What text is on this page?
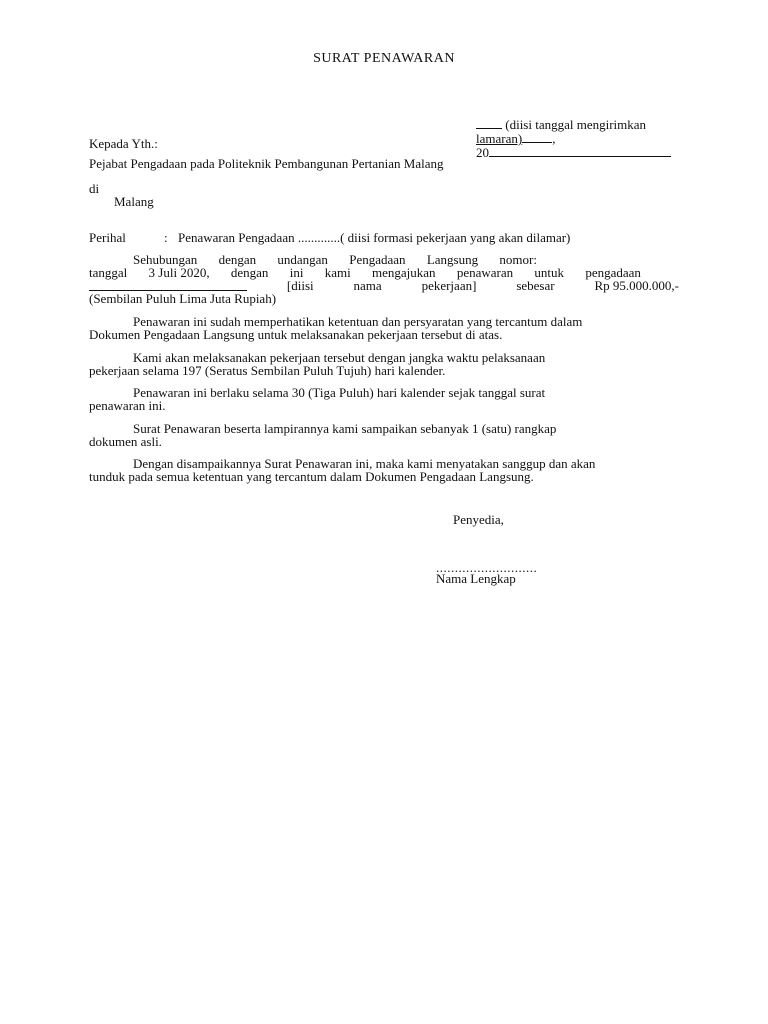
SURAT PENAWARAN
(diisi tanggal mengirimkan
lamaran) ,
20
Kepada Yth.:
Pejabat Pengadaan pada Politeknik Pembangunan Pertanian Malang
di
Malang
Perihal	: Penawaran Pengadaan .............( diisi formasi pekerjaan yang akan dilamar)
Sehubungan dengan undangan Pengadaan Langsung nomor:
tanggal 3 Juli 2020, dengan ini kami mengajukan penawaran untuk pengadaan
[diisi	nama	pekerjaan]	sebesar	Rp 95.000.000,-
(Sembilan Puluh Lima Juta Rupiah)
Penawaran ini sudah memperhatikan ketentuan dan persyaratan yang tercantum dalam
Dokumen Pengadaan Langsung untuk melaksanakan pekerjaan tersebut di atas.
Kami akan melaksanakan pekerjaan tersebut dengan jangka waktu pelaksanaan
pekerjaan selama 197 (Seratus Sembilan Puluh Tujuh) hari kalender.
Penawaran ini berlaku selama 30 (Tiga Puluh) hari kalender sejak tanggal surat
penawaran ini.
Surat Penawaran beserta lampirannya kami sampaikan sebanyak 1 (satu) rangkap
dokumen asli.
Dengan disampaikannya Surat Penawaran ini, maka kami menyatakan sanggup dan akan
tunduk pada semua ketentuan yang tercantum dalam Dokumen Pengadaan Langsung.
Penyedia,
...........................
Nama Lengkap
